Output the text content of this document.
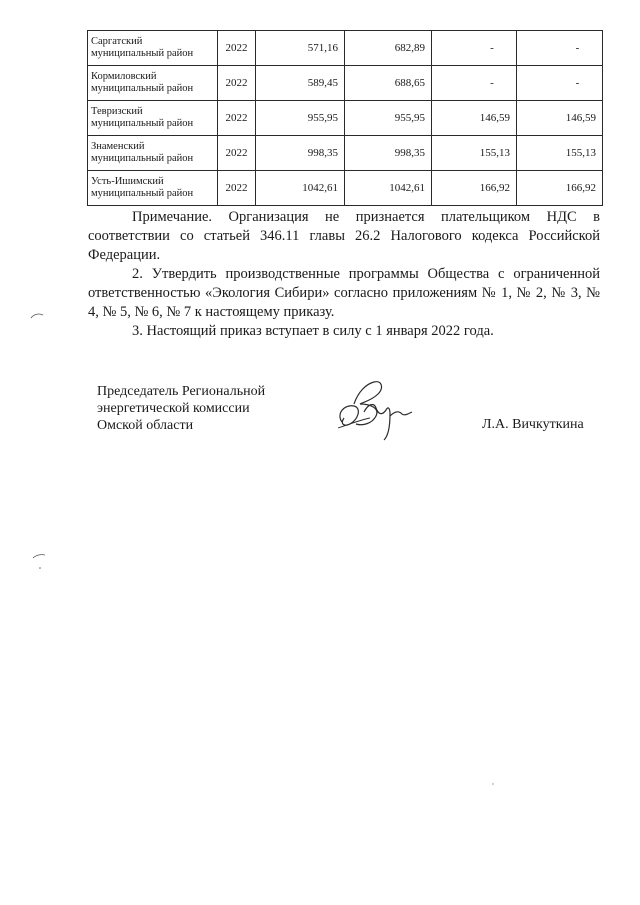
Саргатский
муниципальный район	2022	571,16	682,89	-	-
Кормиловский
муниципальный район	2022	589,45	688,65	-	-
Тевризский
муниципальный район	2022	955,95	955,95	146,59	146,59
Знаменский
муниципальный район	2022	998,35	998,35	155,13	155,13
Усть-Ишимский
муниципальный район	2022	1042,61	1042,61	166,92	166,92

Примечание. Организация не признается плательщиком НДС в соответствии со статьей 346.11 главы 26.2 Налогового кодекса Российской Федерации.

2. Утвердить производственные программы Общества с ограниченной ответственностью «Экология Сибири» согласно приложениям № 1, № 2, № 3, № 4, № 5, № 6, № 7 к настоящему приказу.

3. Настоящий приказ вступает в силу с 1 января 2022 года.

Председатель Региональной
энергетической комиссии
Омской области	Л.А. Вичкуткина
